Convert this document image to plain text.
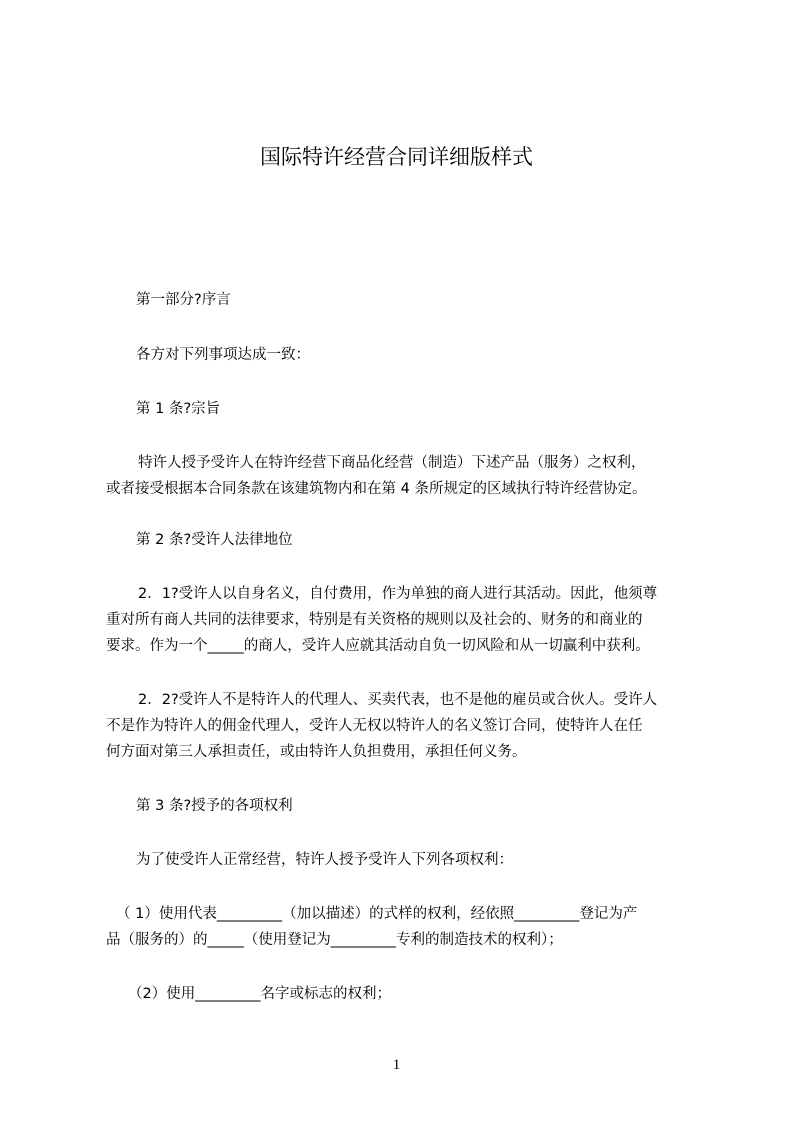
国际特许经营合同详细版样式
第一部分?序言
各方对下列事项达成一致：
第 1 条?宗旨
特许人授予受许人在特许经营下商品化经营（制造）下述产品（服务）之权利，
或者接受根据本合同条款在该建筑物内和在第 4 条所规定的区域执行特许经营协定。
第 2 条?受许人法律地位
2．1?受许人以自身名义，自付费用，作为单独的商人进行其活动。因此，他须尊
重对所有商人共同的法律要求，特别是有关资格的规则以及社会的、财务的和商业的
要求。作为一个_____的商人，受许人应就其活动自负一切风险和从一切赢利中获利。
2．2?受许人不是特许人的代理人、买卖代表，也不是他的雇员或合伙人。受许人
不是作为特许人的佣金代理人，受许人无权以特许人的名义签订合同，使特许人在任
何方面对第三人承担责任，或由特许人负担费用，承担任何义务。
第 3 条?授予的各项权利
为了使受许人正常经营，特许人授予受许人下列各项权利：
（ 1）使用代表_________（加以描述）的式样的权利，经依照_________登记为产
品（服务的）的_____（使用登记为_________专利的制造技术的权利）；
（2）使用_________名字或标志的权利；
1
